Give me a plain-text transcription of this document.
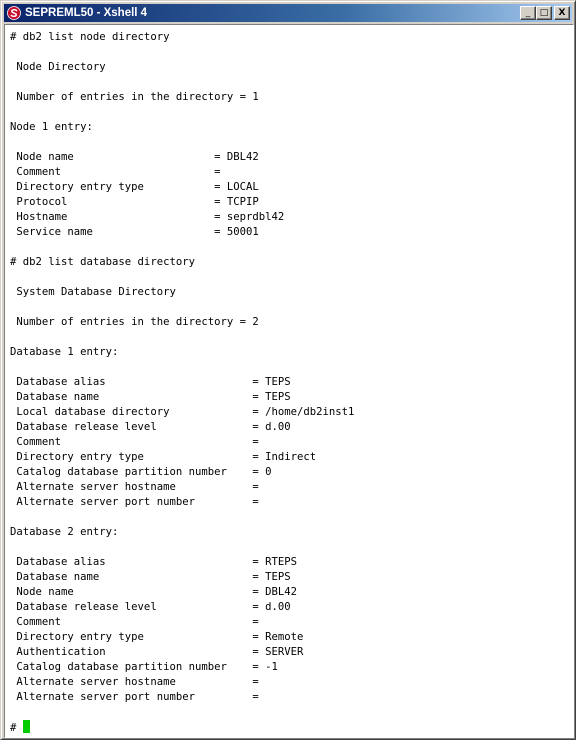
SEPREML50 - Xshell 4	_	□	X
# db2 list node directory
Node Directory
Number of entries in the directory = 1
Node 1 entry:
Node name                      = DBL42
Comment                        =
Directory entry type           = LOCAL
Protocol                       = TCPIP
Hostname                       = seprdbl42
Service name                   = 50001
# db2 list database directory
System Database Directory
Number of entries in the directory = 2
Database 1 entry:
Database alias                       = TEPS
Database name                        = TEPS
Local database directory             = /home/db2inst1
Database release level               = d.00
Comment                              =
Directory entry type                 = Indirect
Catalog database partition number    = 0
Alternate server hostname            =
Alternate server port number         =
Database 2 entry:
Database alias                       = RTEPS
Database name                        = TEPS
Node name                            = DBL42
Database release level               = d.00
Comment                              =
Directory entry type                 = Remote
Authentication                       = SERVER
Catalog database partition number    = -1
Alternate server hostname            =
Alternate server port number         =
#
